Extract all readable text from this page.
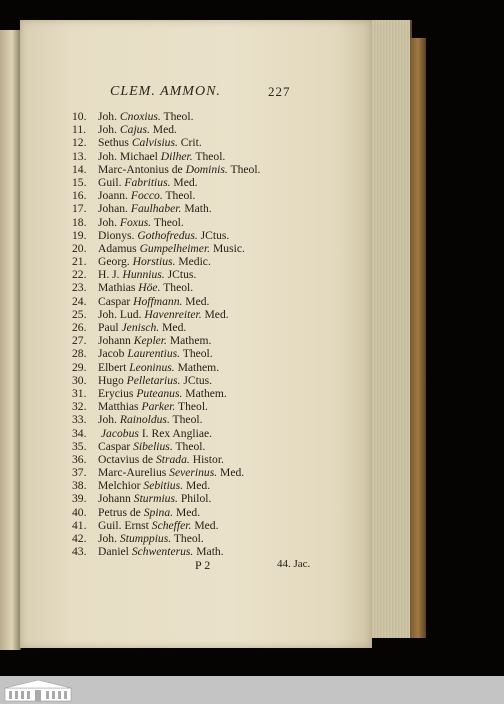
CLEM. AMMON.	227
10. Joh. Cnoxius. Theol.
11. Joh. Cajus. Med.
12. Sethus Calvisius. Crit.
13. Joh. Michael Dilher. Theol.
14. Marc-Antonius de Dominis. Theol.
15. Guil. Fabritius. Med.
16. Joann. Focco. Theol.
17. Johan. Faulhaber. Math.
18. Joh. Foxus. Theol.
19. Dionys. Gothofredus. JCtus.
20. Adamus Gumpelheimer. Music.
21. Georg. Horstius. Medic.
22. H. J. Hunnius. JCtus.
23. Mathias Höe. Theol.
24. Caspar Hoffmann. Med.
25. Joh. Lud. Havenreiter. Med.
26. Paul Jenisch. Med.
27. Johann Kepler. Mathem.
28. Jacob Laurentius. Theol.
29. Elbert Leoninus. Mathem.
30. Hugo Pelletarius. JCtus.
31. Erycius Puteanus. Mathem.
32. Matthias Parker. Theol.
33. Joh. Rainoldus. Theol.
34. Jacobus I. Rex Angliae.
35. Caspar Sibelius. Theol.
36. Octavius de Strada. Histor.
37. Marc-Aurelius Severinus. Med.
38. Melchior Sebitius. Med.
39. Johann Sturmius. Philol.
40. Petrus de Spina. Med.
41. Guil. Ernst Scheffer. Med.
42. Joh. Stumppius. Theol.
43. Daniel Schwenterus. Math.
P 2	44. Jac.
